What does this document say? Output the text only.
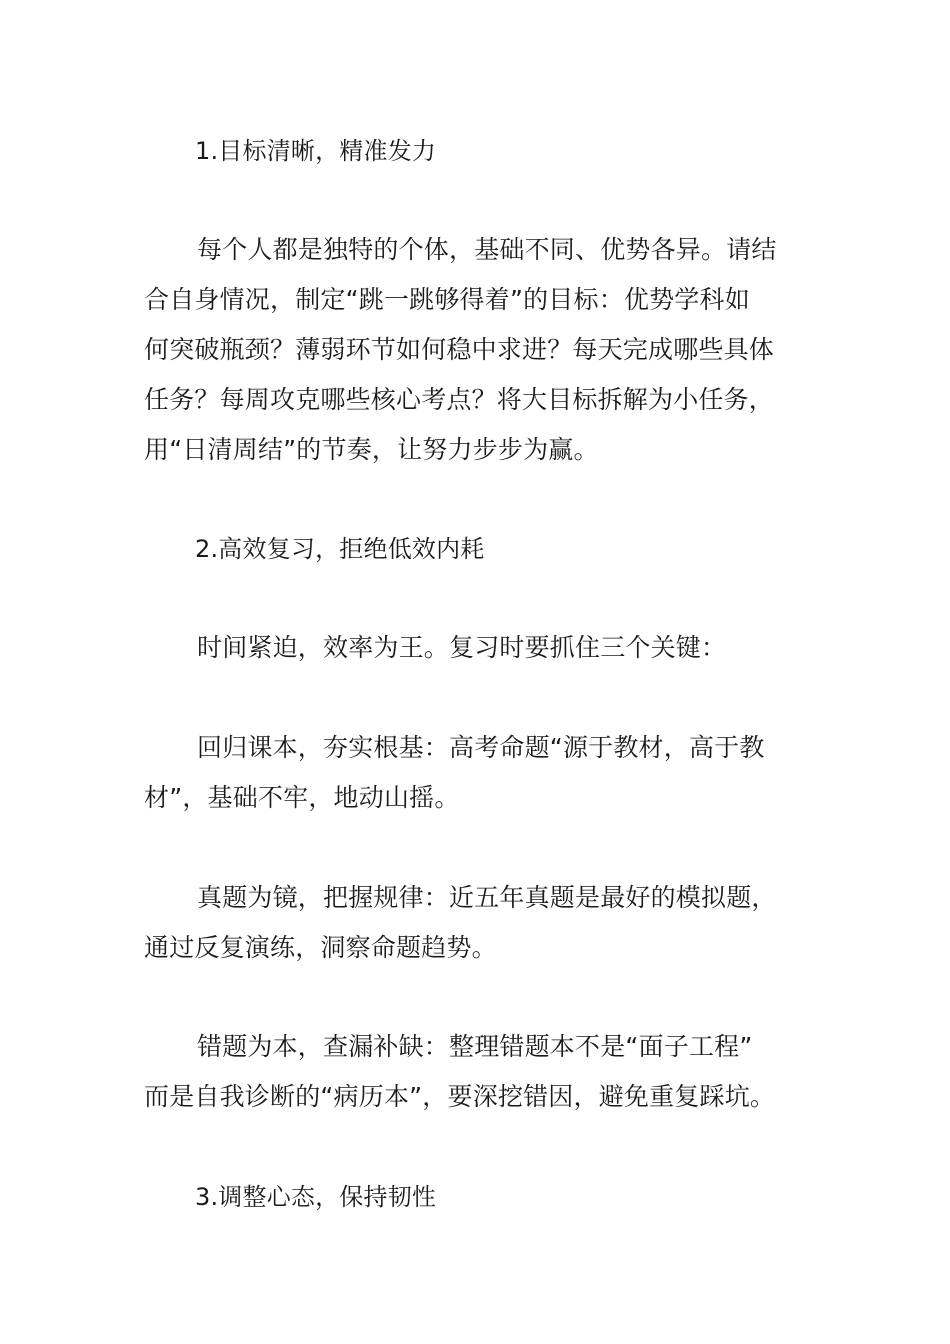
1.目标清晰，精准发力
每个人都是独特的个体，基础不同、优势各异。请结
合自身情况，制定“跳一跳够得着”的目标：优势学科如
何突破瓶颈？薄弱环节如何稳中求进？每天完成哪些具体
任务？每周攻克哪些核心考点？将大目标拆解为小任务，
用“日清周结”的节奏，让努力步步为赢。
2.高效复习，拒绝低效内耗
时间紧迫，效率为王。复习时要抓住三个关键：
回归课本，夯实根基：高考命题“源于教材，高于教
材”，基础不牢，地动山摇。
真题为镜，把握规律：近五年真题是最好的模拟题，
通过反复演练，洞察命题趋势。
错题为本，查漏补缺：整理错题本不是“面子工程”
而是自我诊断的“病历本”，要深挖错因，避免重复踩坑。
3.调整心态，保持韧性
